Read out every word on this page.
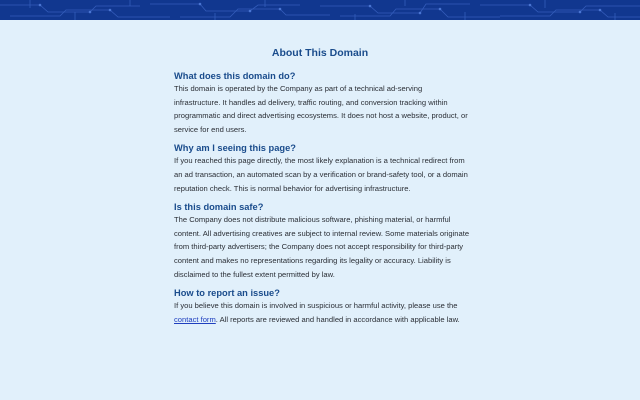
About This Domain
What does this domain do?

This domain is operated by the Company as part of a technical ad-serving infrastructure. It handles ad delivery, traffic routing, and conversion tracking within programmatic and direct advertising ecosystems. It does not host a website, product, or service for end users.

Why am I seeing this page?

If you reached this page directly, the most likely explanation is a technical redirect from an ad transaction, an automated scan by a verification or brand-safety tool, or a domain reputation check. This is normal behavior for advertising infrastructure.

Is this domain safe?

The Company does not distribute malicious software, phishing material, or harmful content. All advertising creatives are subject to internal review. Some materials originate from third-party advertisers; the Company does not accept responsibility for third-party content and makes no representations regarding its legality or accuracy. Liability is disclaimed to the fullest extent permitted by law.

How to report an issue?

If you believe this domain is involved in suspicious or harmful activity, please use the contact form. All reports are reviewed and handled in accordance with applicable law.
